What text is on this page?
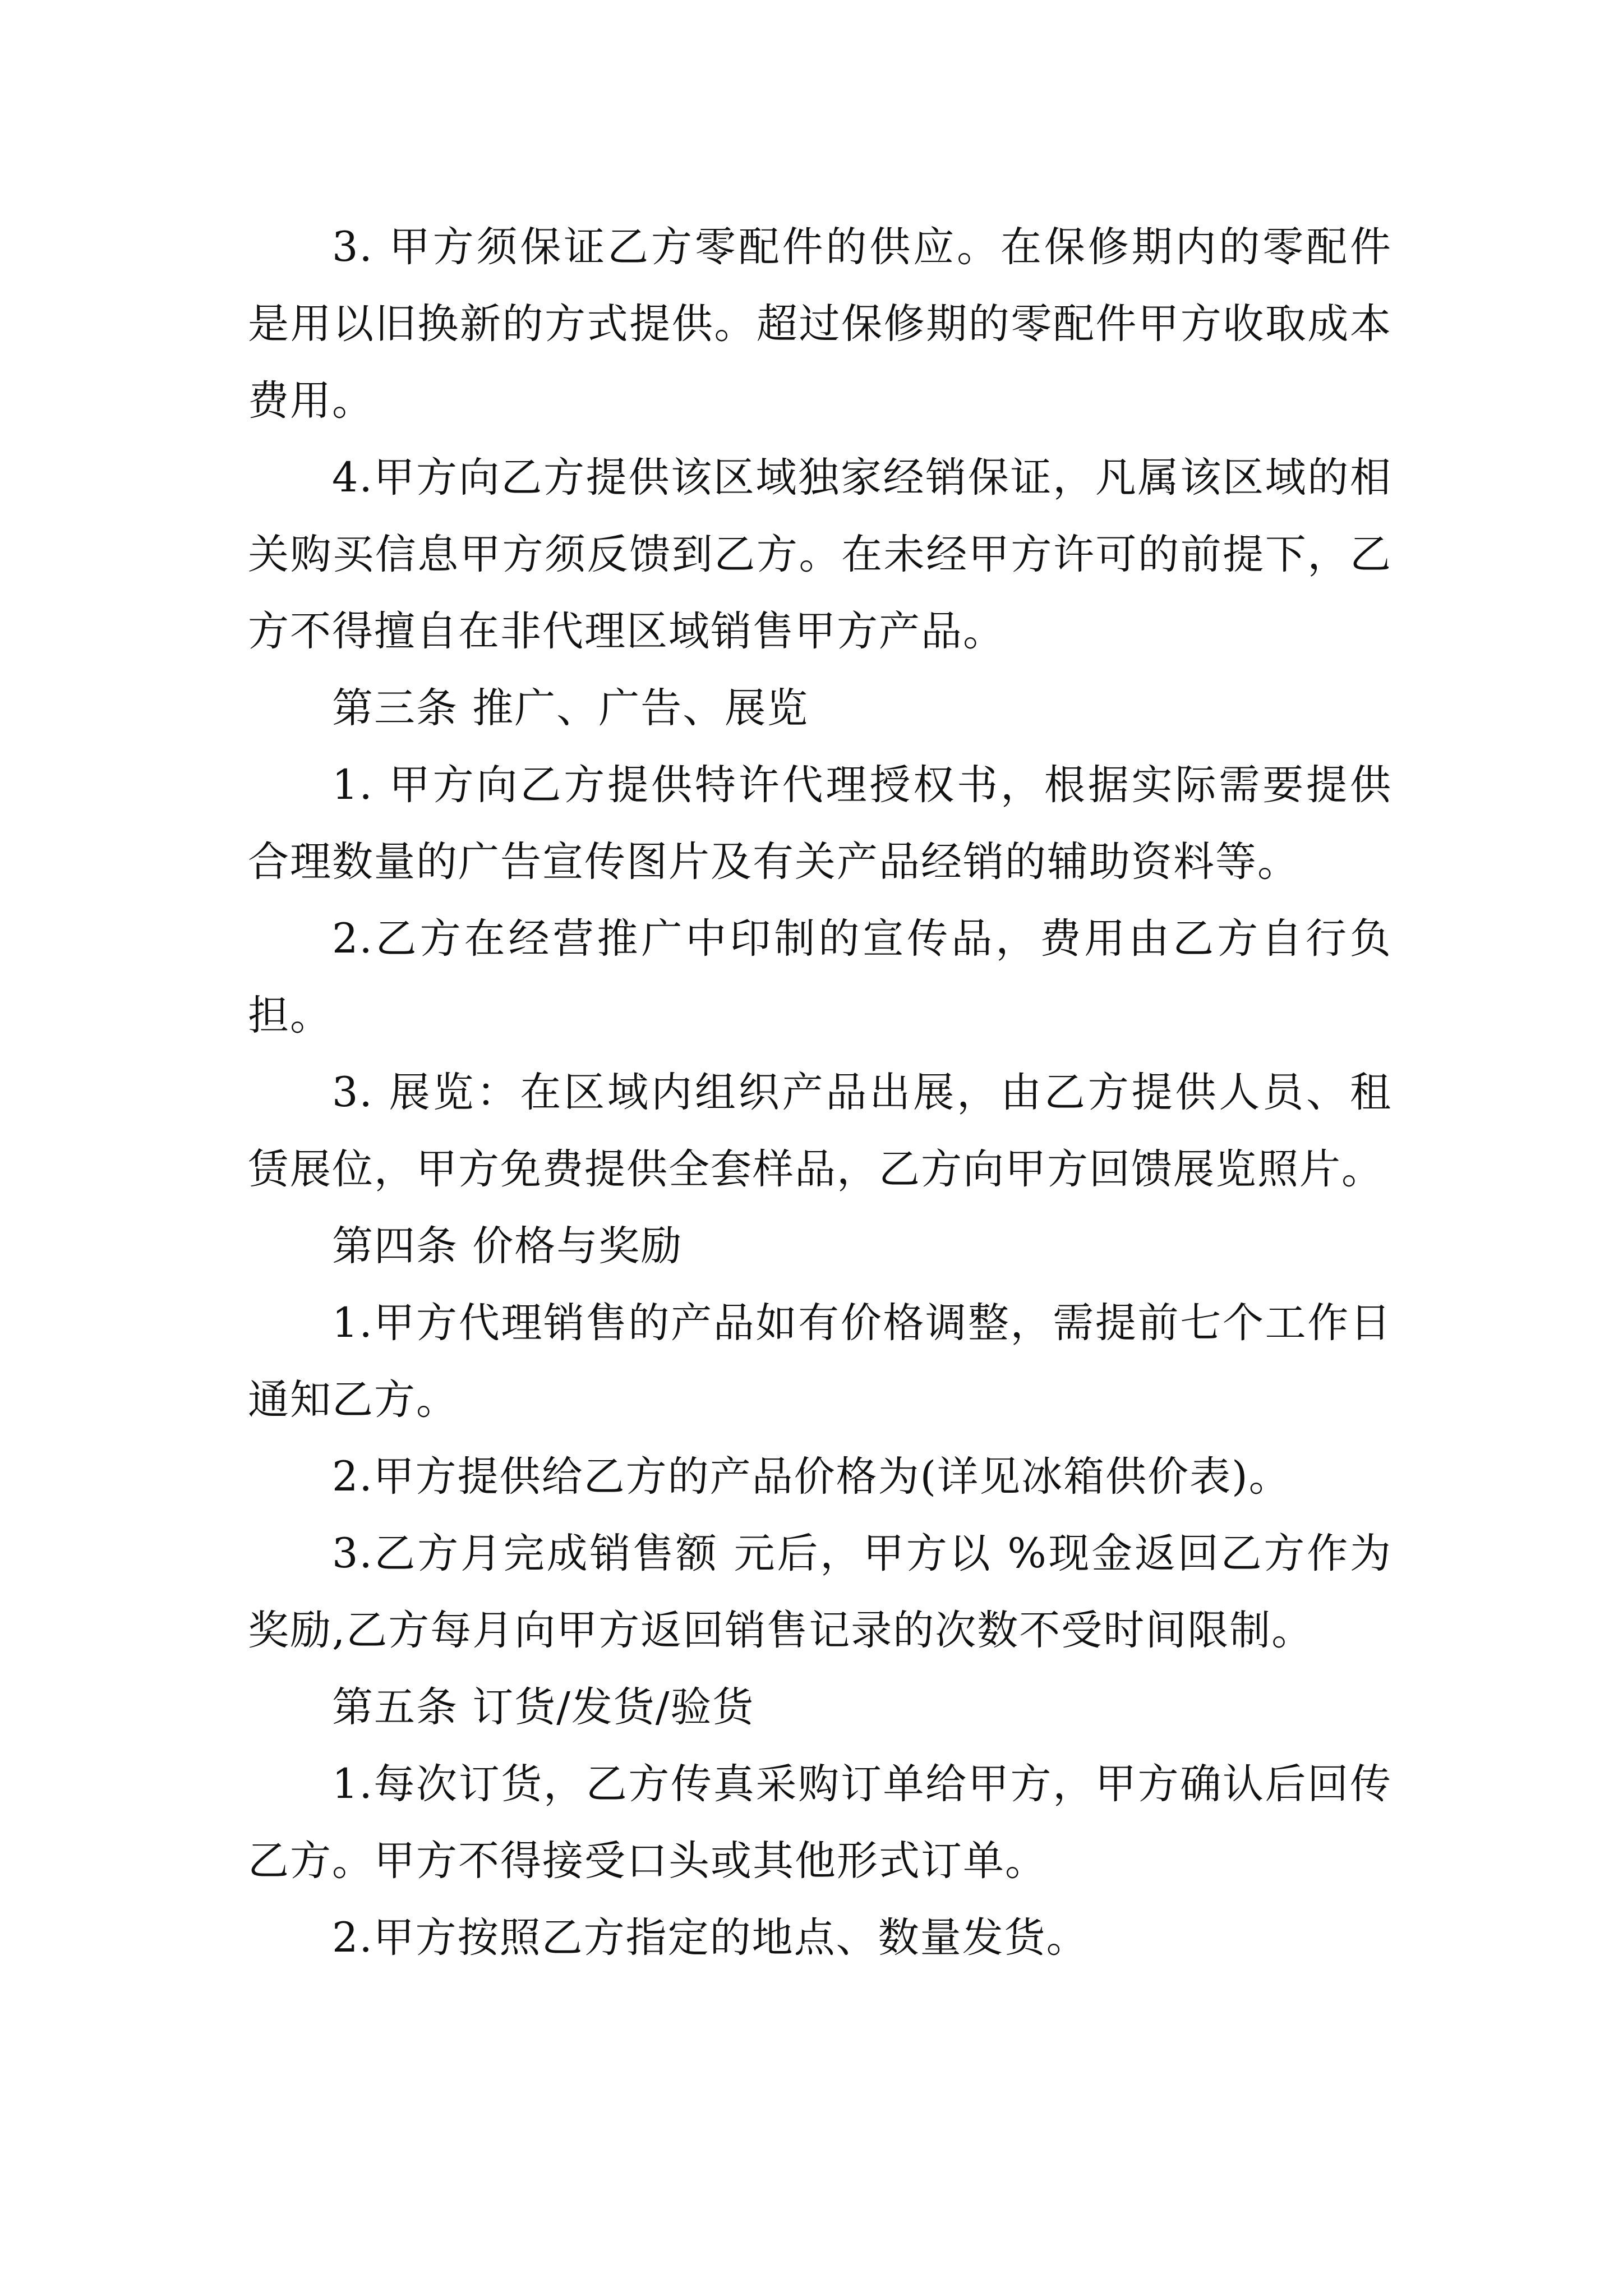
3. 甲方须保证乙方零配件的供应。在保修期内的零配件是用以旧换新的方式提供。超过保修期的零配件甲方收取成本费用。

4.甲方向乙方提供该区域独家经销保证，凡属该区域的相关购买信息甲方须反馈到乙方。在未经甲方许可的前提下，乙方不得擅自在非代理区域销售甲方产品。

第三条 推广、广告、展览

1. 甲方向乙方提供特许代理授权书，根据实际需要提供合理数量的广告宣传图片及有关产品经销的辅助资料等。

2.乙方在经营推广中印制的宣传品，费用由乙方自行负担。

3. 展览：在区域内组织产品出展，由乙方提供人员、租赁展位，甲方免费提供全套样品，乙方向甲方回馈展览照片。

第四条 价格与奖励

1.甲方代理销售的产品如有价格调整，需提前七个工作日通知乙方。

2.甲方提供给乙方的产品价格为(详见冰箱供价表)。

3.乙方月完成销售额 元后，甲方以 %现金返回乙方作为奖励,乙方每月向甲方返回销售记录的次数不受时间限制。

第五条 订货/发货/验货

1.每次订货，乙方传真采购订单给甲方，甲方确认后回传乙方。甲方不得接受口头或其他形式订单。

2.甲方按照乙方指定的地点、数量发货。
